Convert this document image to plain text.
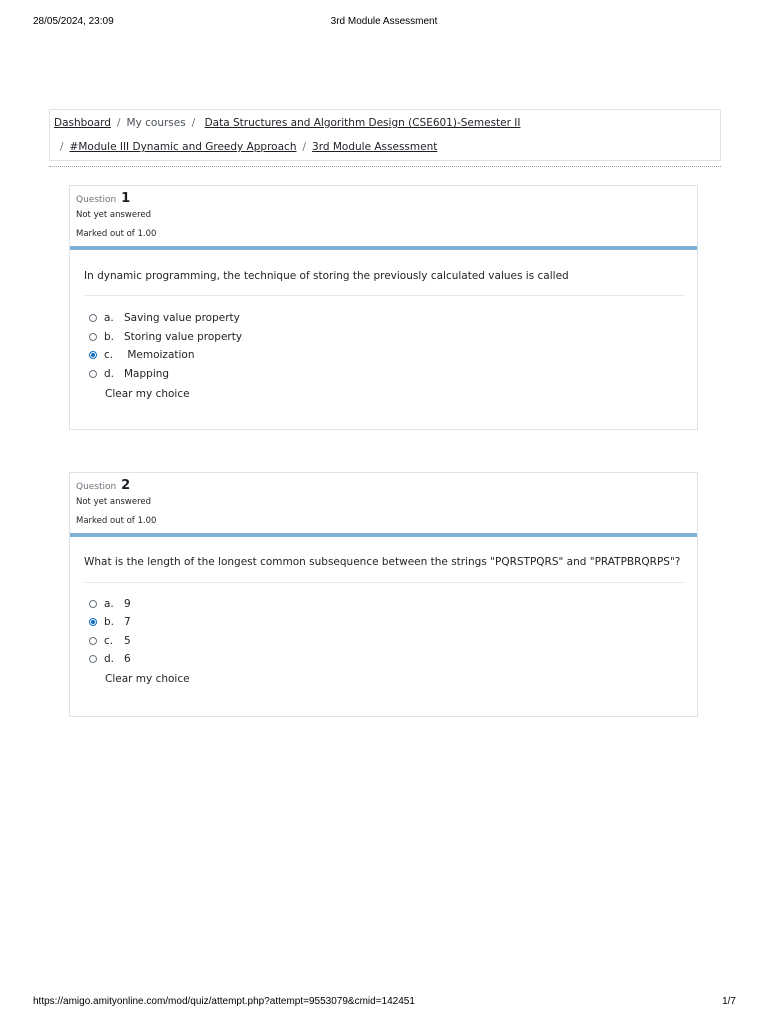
28/05/2024, 23:09	3rd Module Assessment
Dashboard / My courses / Data Structures and Algorithm Design (CSE601)-Semester II
/ #Module III Dynamic and Greedy Approach / 3rd Module Assessment
Question 1
Not yet answered
Marked out of 1.00
In dynamic programming, the technique of storing the previously calculated values is called
a. Saving value property
b. Storing value property
c.	Memoization
d. Mapping
Clear my choice
Question 2
Not yet answered
Marked out of 1.00
What is the length of the longest common subsequence between the strings "PQRSTPQRS" and "PRATPBRQRPS"?
a. 9
b. 7
c.	5
d. 6
Clear my choice
https://amigo.amityonline.com/mod/quiz/attempt.php?attempt=9553079&cmid=142451	1/7
